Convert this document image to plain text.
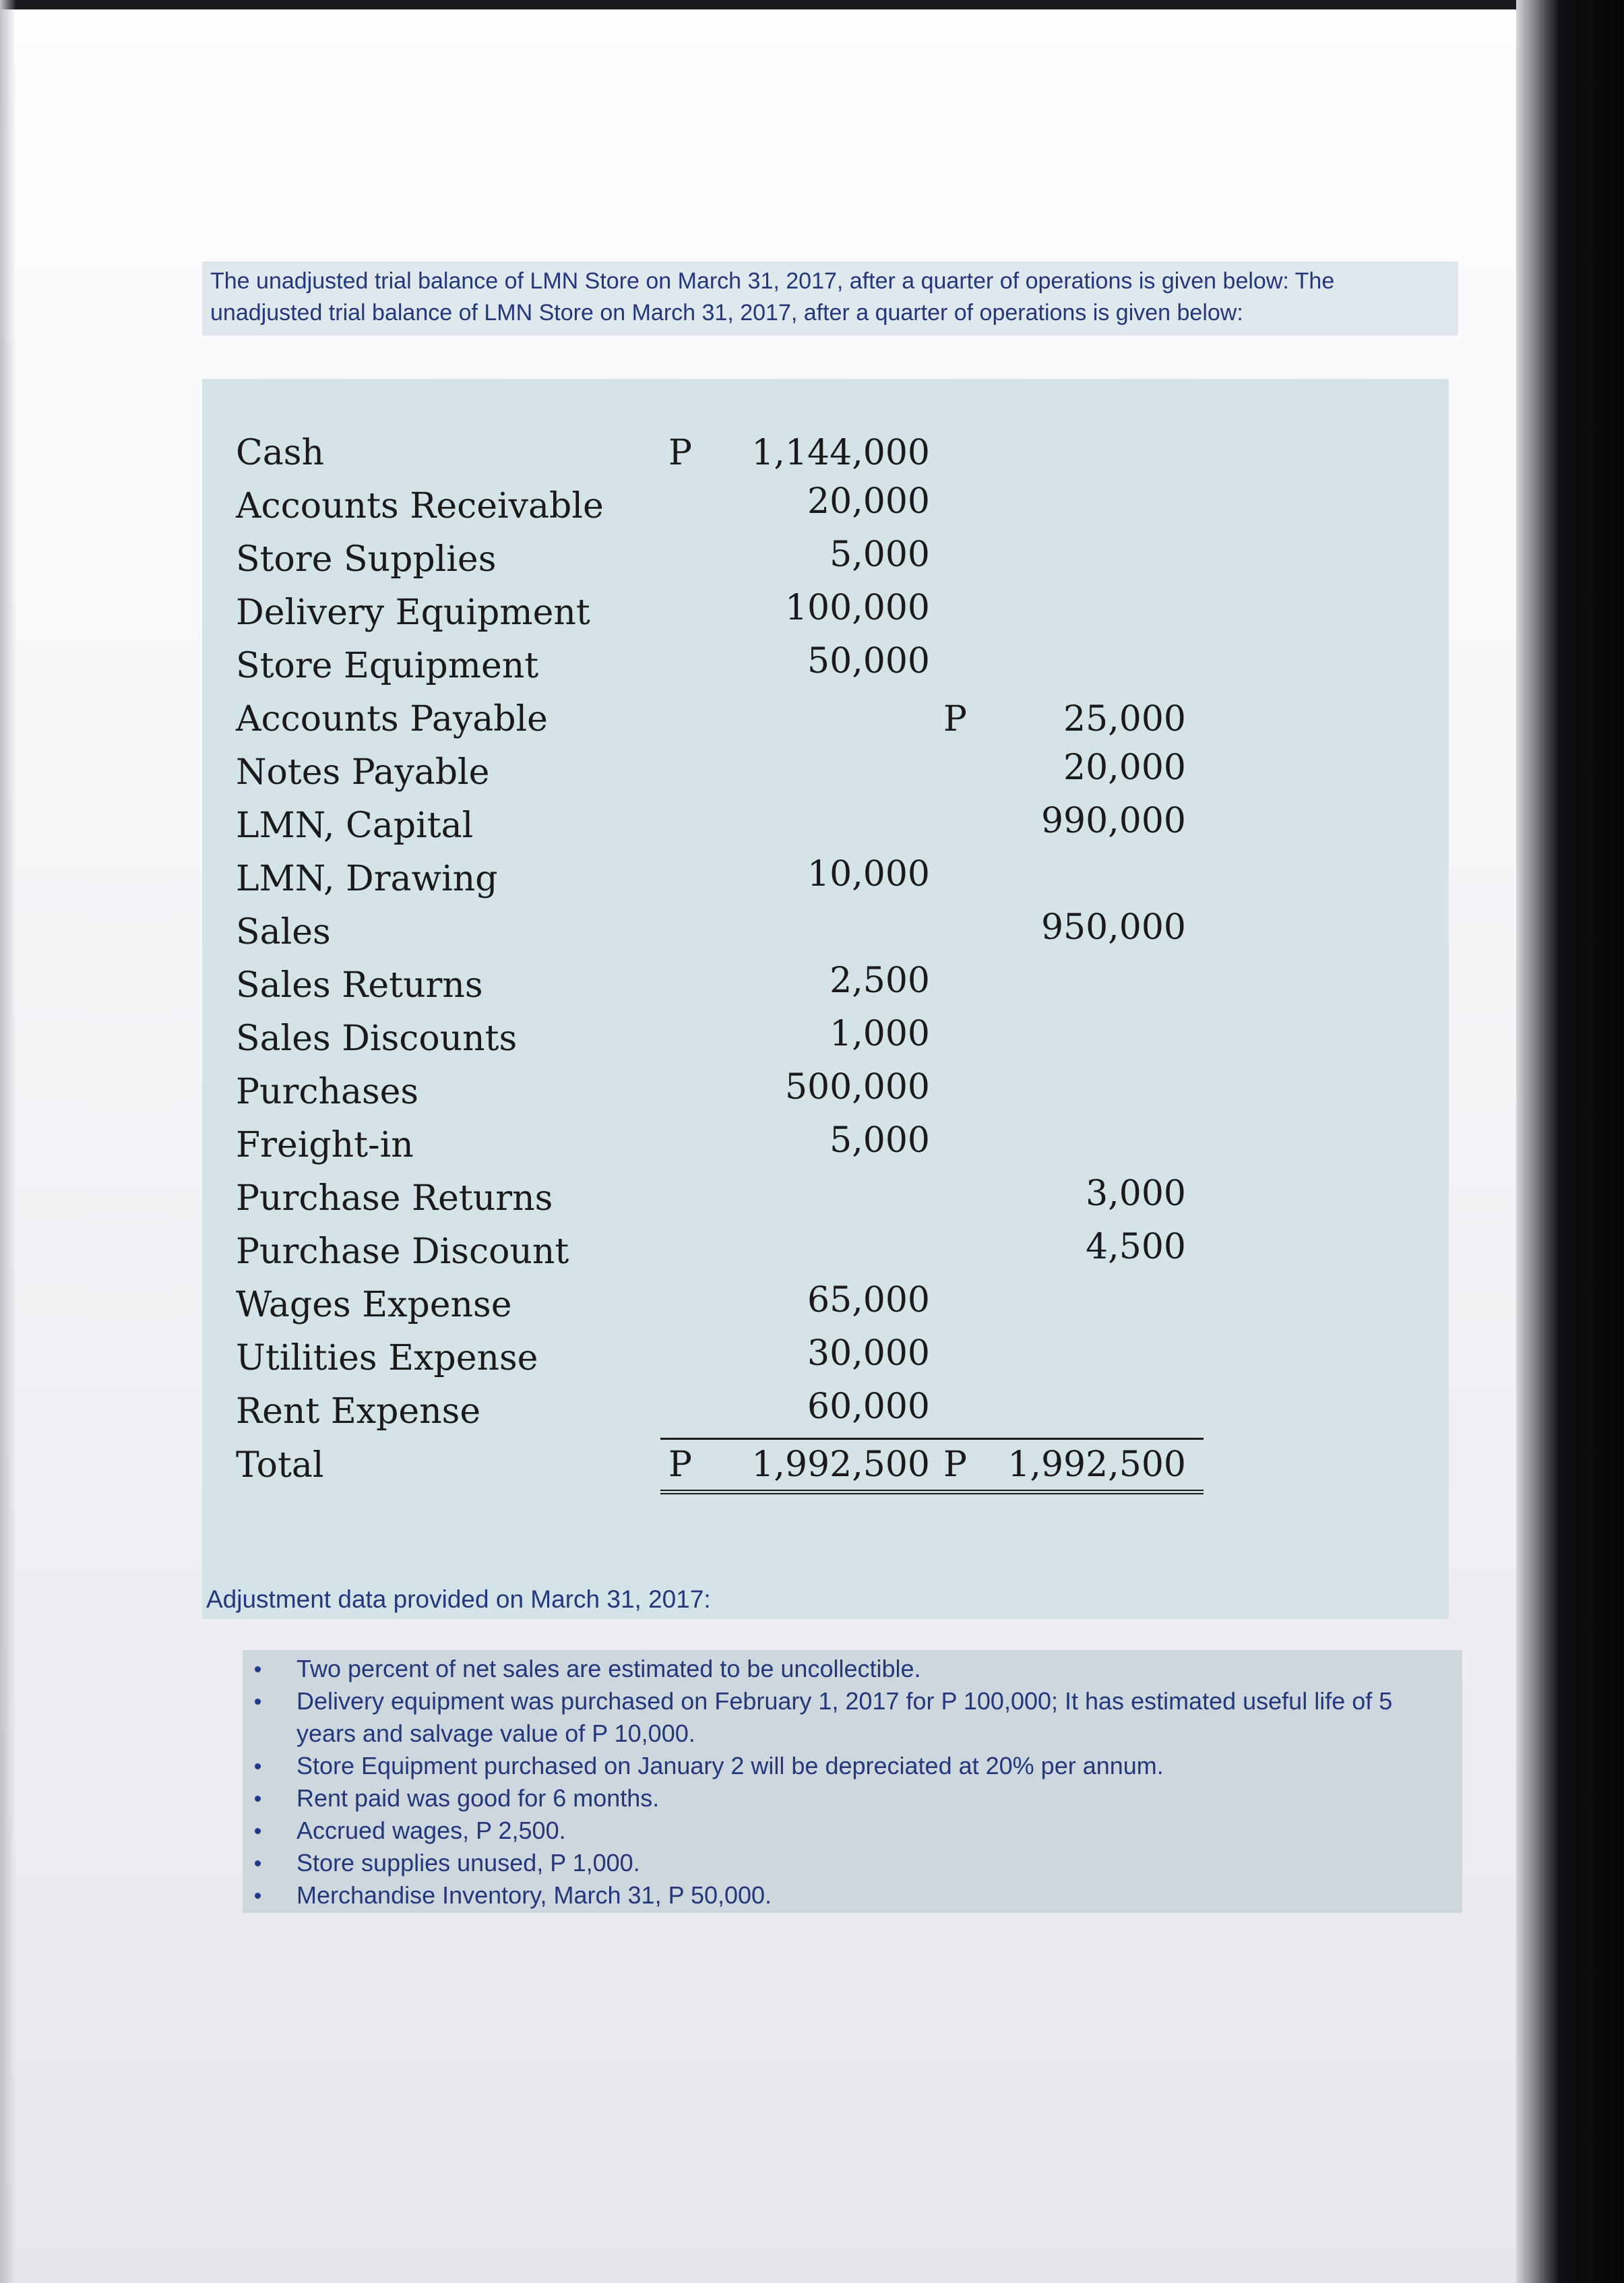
The unadjusted trial balance of LMN Store on March 31, 2017, after a quarter of operations is given below: The unadjusted trial balance of LMN Store on March 31, 2017, after a quarter of operations is given below:
Cash	P 1,144,000	

Accounts Receivable	20,000	

Store Supplies	5,000	

Delivery Equipment	100,000	

Store Equipment	50,000	

Accounts Payable		P 25,000

Notes Payable		20,000

LMN, Capital		990,000

LMN, Drawing	10,000	

Sales		950,000

Sales Returns	2,500	

Sales Discounts	1,000	

Purchases	500,000	

Freight-in	5,000	

Purchase Returns		3,000

Purchase Discount		4,500

Wages Expense	65,000	

Utilities Expense	30,000	

Rent Expense	60,000	

Total	P 1,992,500	P 1,992,500
Adjustment data provided on March 31, 2017:
Two percent of net sales are estimated to be uncollectible.
Delivery equipment was purchased on February 1, 2017 for P 100,000; It has estimated useful life of 5 years and salvage value of P 10,000.
Store Equipment purchased on January 2 will be depreciated at 20% per annum.
Rent paid was good for 6 months.
Accrued wages, P 2,500.
Store supplies unused, P 1,000.
Merchandise Inventory, March 31, P 50,000.
